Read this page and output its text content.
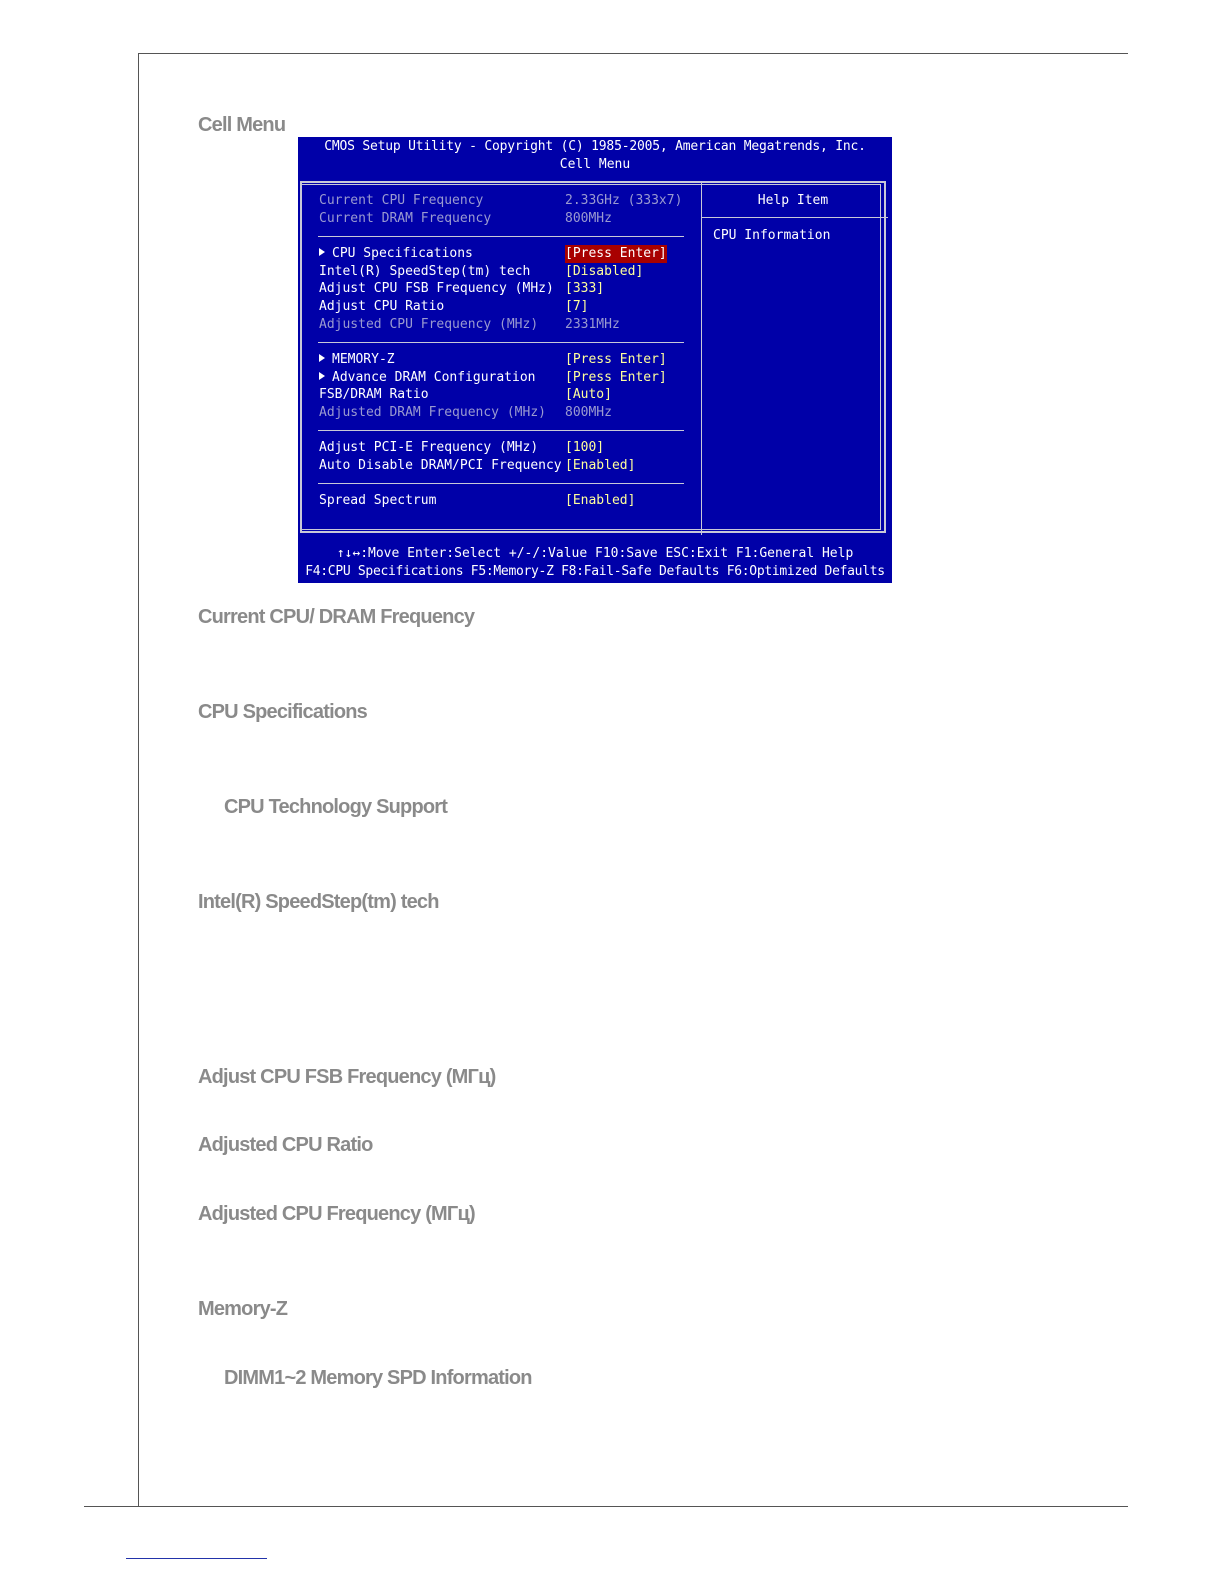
Cell Menu
CMOS Setup Utility - Copyright (C) 1985-2005, American Megatrends, Inc.
Cell Menu
Help Item
CPU Information
Current CPU Frequency	2.33GHz (333x7)
Current DRAM Frequency	800MHz
CPU Specifications	[Press Enter]
Intel(R) SpeedStep(tm) tech	[Disabled]
Adjust CPU FSB Frequency (MHz) [333]
Adjust CPU Ratio	[7]
Adjusted CPU Frequency (MHz) 2331MHz
MEMORY-Z	[Press Enter]
Advance DRAM Configuration [Press Enter]
FSB/DRAM Ratio	[Auto]
Adjusted DRAM Frequency (MHz) 800MHz
Adjust PCI-E Frequency (MHz) [100]
Auto Disable DRAM/PCI Frequency [Enabled]
Spread Spectrum	[Enabled]
↑↓↔:Move Enter:Select +/-/:Value F10:Save ESC:Exit F1:General Help
F4:CPU Specifications F5:Memory-Z F8:Fail-Safe Defaults F6:Optimized Defaults
Current CPU/ DRAM Frequency
CPU Specifications
CPU Technology Support
Intel(R) SpeedStep(tm) tech
Adjust CPU FSB Frequency (МГц)
Adjusted CPU Ratio
Adjusted CPU Frequency (МГц)
Memory-Z
DIMM1~2 Memory SPD Information
